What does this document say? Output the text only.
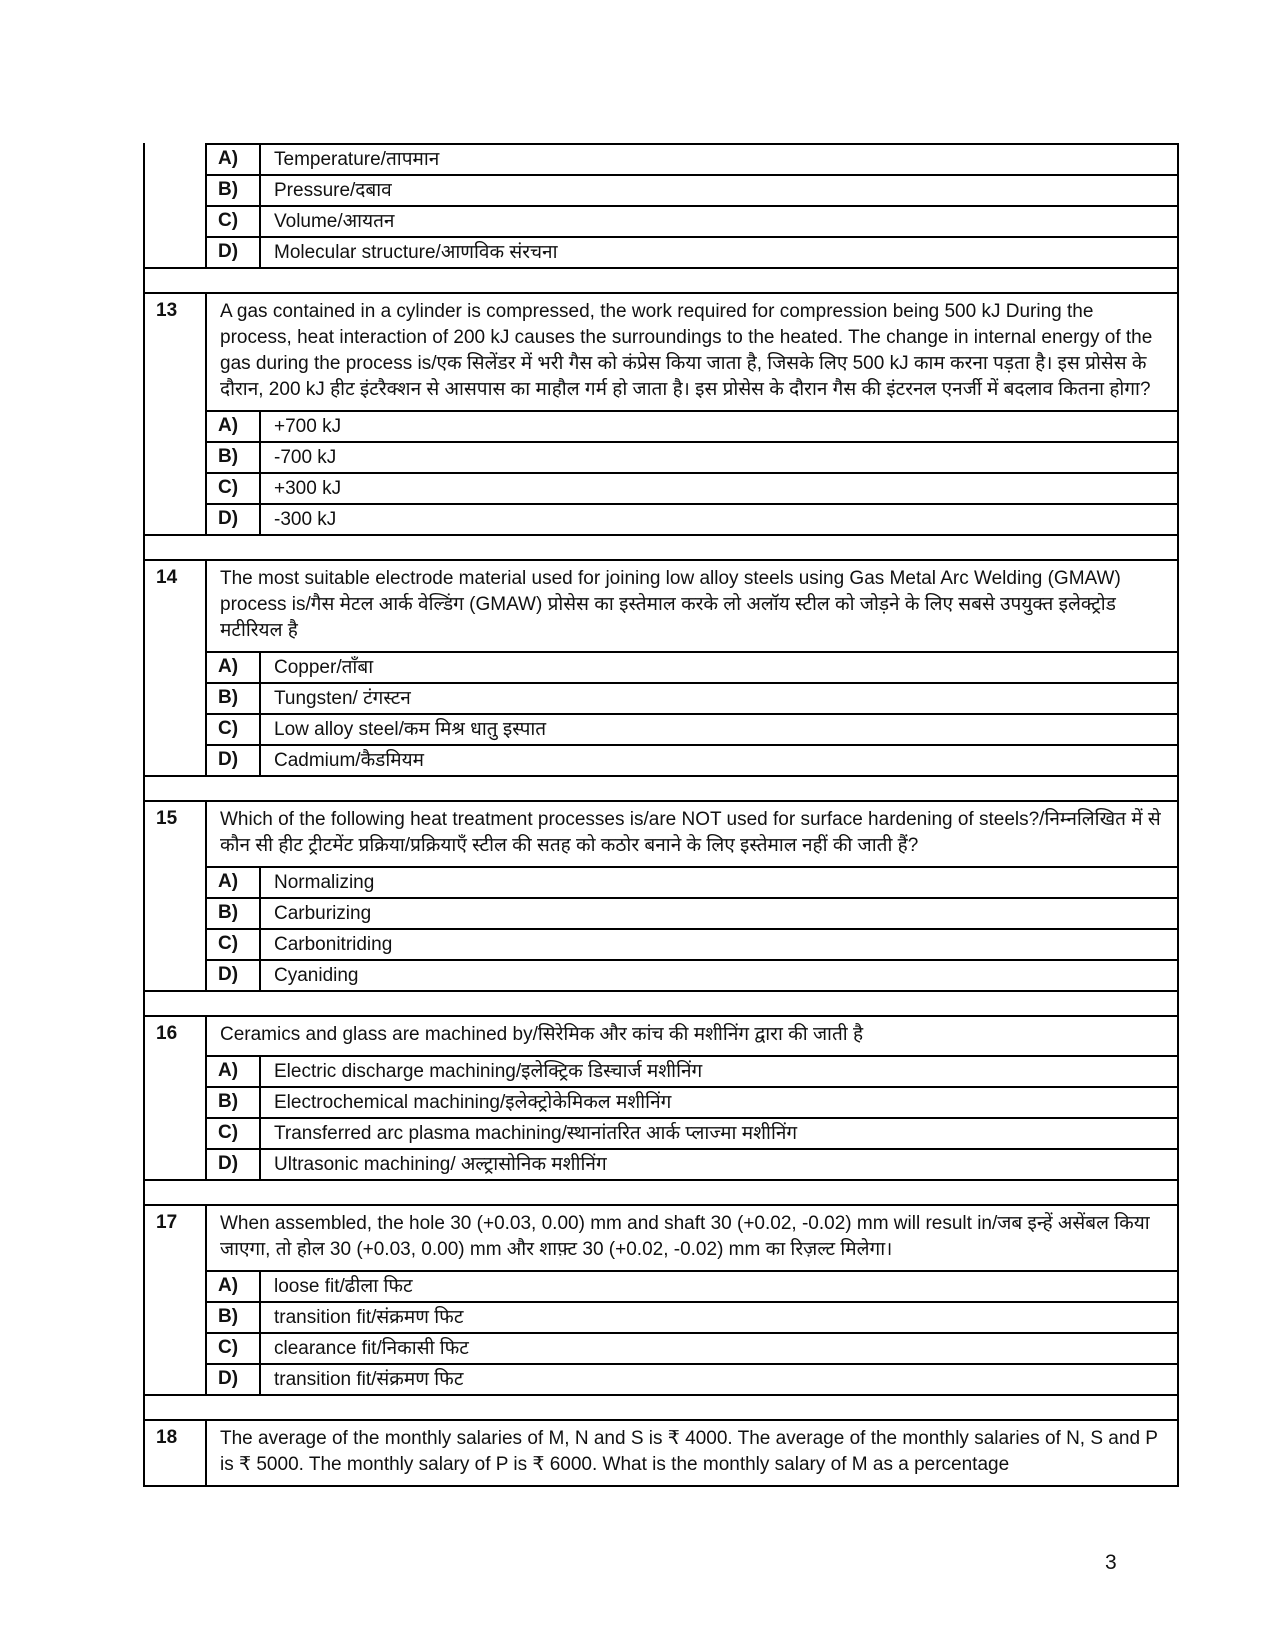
A)	Temperature/तापमान
B)	Pressure/दबाव
C)	Volume/आयतन
D)	Molecular structure/आणविक संरचना
13	A gas contained in a cylinder is compressed, the work required for compression being 500 kJ During the process, heat interaction of 200 kJ causes the surroundings to the heated. The change in internal energy of the gas during the process is/एक सिलेंडर में भरी गैस को कंप्रेस किया जाता है, जिसके लिए 500 kJ काम करना पड़ता है। इस प्रोसेस के दौरान, 200 kJ हीट इंटरैक्शन से आसपास का माहौल गर्म हो जाता है। इस प्रोसेस के दौरान गैस की इंटरनल एनर्जी में बदलाव कितना होगा?
A)	+700 kJ
B)	-700 kJ
C)	+300 kJ
D)	-300 kJ
14	The most suitable electrode material used for joining low alloy steels using Gas Metal Arc Welding (GMAW) process is/गैस मेटल आर्क वेल्डिंग (GMAW) प्रोसेस का इस्तेमाल करके लो अलॉय स्टील को जोड़ने के लिए सबसे उपयुक्त इलेक्ट्रोड मटीरियल है
A)	Copper/ताँबा
B)	Tungsten/ टंगस्टन
C)	Low alloy steel/कम मिश्र धातु इस्पात
D)	Cadmium/कैडमियम
15	Which of the following heat treatment processes is/are NOT used for surface hardening of steels?/निम्नलिखित में से कौन सी हीट ट्रीटमेंट प्रक्रिया/प्रक्रियाएँ स्टील की सतह को कठोर बनाने के लिए इस्तेमाल नहीं की जाती हैं?
A)	Normalizing
B)	Carburizing
C)	Carbonitriding
D)	Cyaniding
16	Ceramics and glass are machined by/सिरेमिक और कांच की मशीनिंग द्वारा की जाती है
A)	Electric discharge machining/इलेक्ट्रिक डिस्चार्ज मशीनिंग
B)	Electrochemical machining/इलेक्ट्रोकेमिकल मशीनिंग
C)	Transferred arc plasma machining/स्थानांतरित आर्क प्लाज्मा मशीनिंग
D)	Ultrasonic machining/ अल्ट्रासोनिक मशीनिंग
17	When assembled, the hole 30 (+0.03, 0.00) mm and shaft 30 (+0.02, -0.02) mm will result in/जब इन्हें असेंबल किया जाएगा, तो होल 30 (+0.03, 0.00) mm और शाफ़्ट 30 (+0.02, -0.02) mm का रिज़ल्ट मिलेगा।
A)	loose fit/ढीला फिट
B)	transition fit/संक्रमण फिट
C)	clearance fit/निकासी फिट
D)	transition fit/संक्रमण फिट
18	The average of the monthly salaries of M, N and S is ₹ 4000. The average of the monthly salaries of N, S and P is ₹ 5000. The monthly salary of P is ₹ 6000. What is the monthly salary of M as a percentage
3
